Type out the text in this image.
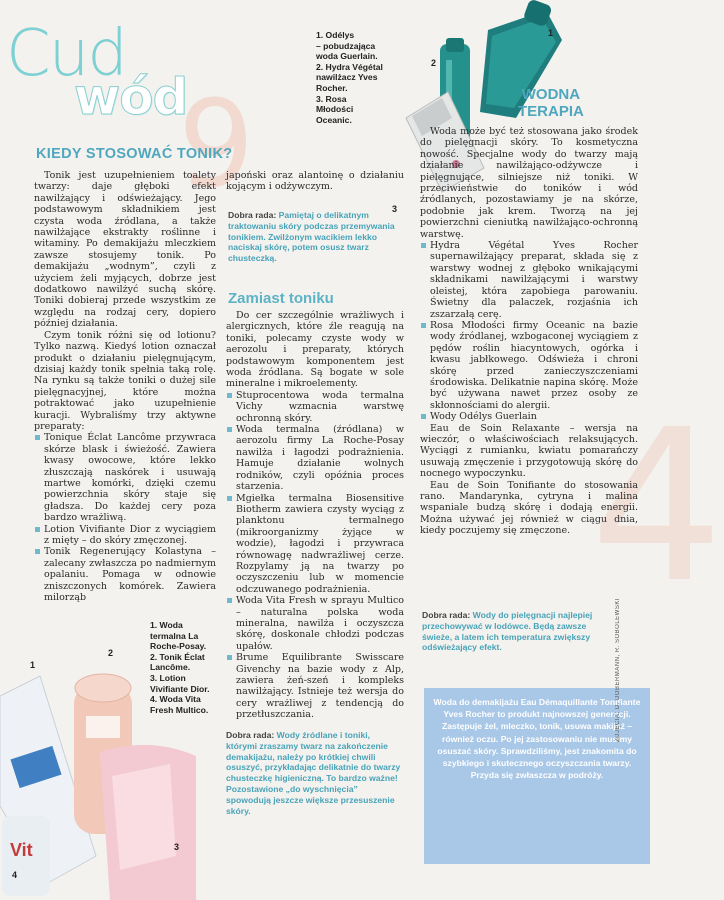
9
4
Cud
wód
1
2
3
1. Odélys
– pobudzająca
woda Guerlain.
2. Hydra Végétal
nawilżacz Yves
Rocher.
3. Rosa
Młodości
Oceanic.
KIEDY STOSOWAĆ TONIK?
WODNA
TERAPIA

Tonik jest uzupełnieniem toalety twarzy: daje głęboki efekt nawilżający i odświeżający. Jego podstawowym składnikiem jest czysta woda źródlana, a także nawilżające ekstrakty roślinne i witaminy. Po demakijażu mleczkiem zawsze stosujemy tonik. Po demakijażu „wodnym”, czyli z użyciem żeli myjących, dobrze jest dodatkowo nawilżyć suchą skórę. Toniki dobieraj przede wszystkim ze względu na rodzaj cery, dopiero później działania.

Czym tonik różni się od lotionu? Tylko nazwą. Kiedyś lotion oznaczał produkt o działaniu pielęgnującym, dzisiaj każdy tonik spełnia taką rolę. Na rynku są także toniki o dużej sile pielęgnacyjnej, które można potraktować jako uzupełnienie kuracji. Wybraliśmy trzy aktywne preparaty:

Tonique Éclat Lancôme przywraca skórze blask i świeżość. Zawiera kwasy owocowe, które lekko złuszczają naskórek i usuwają martwe komórki, dzięki czemu powierzchnia skóry staje się gładsza. Do każdej cery poza bardzo wrażliwą.

Lotion Vivifiante Dior z wyciągiem z mięty – do skóry zmęczonej.

Tonik Regenerujący Kolastyna – zalecany zwłaszcza po nadmiernym opalaniu. Pomaga w odnowie zniszczonych komórek. Zawiera milorząb

japoński oraz alantoinę o działaniu kojącym i odżywczym.

Dobra rada: Pamiętaj o delikatnym traktowaniu skóry podczas przemywania tonikiem. Zwilżonym wacikiem lekko naciskaj skórę, potem osusz twarz chusteczką.
Zamiast toniku

Do cer szczególnie wrażliwych i alergicznych, które źle reagują na toniki, polecamy czyste wody w aerozolu i preparaty, których podstawowym komponentem jest woda źródlana. Są bogate w sole mineralne i mikroelementy.

Stuprocentowa woda termalna Vichy wzmacnia warstwę ochronną skóry.

Woda termalna (źródlana) w aerozolu firmy La Roche-Posay nawilża i łagodzi podrażnienia. Hamuje działanie wolnych rodników, czyli opóźnia proces starzenia.

Mgiełka termalna Biosensitive Biotherm zawiera czysty wyciąg z planktonu termalnego (mikroorganizmy żyjące w wodzie), łagodzi i przywraca równowagę nadwrażliwej cerze. Rozpylamy ją na twarzy po oczyszczeniu lub w momencie odczuwanego podrażnienia.

Woda Vita Fresh w sprayu Multico – naturalna polska woda mineralna, nawilża i oczyszcza skórę, doskonale chłodzi podczas upałów.

Brume Equilibrante Swisscare Givenchy na bazie wody z Alp, zawiera żeń-szeń i kompleks nawilżający. Istnieje też wersja do cery wrażliwej z tendencją do przetłuszczania.

Dobra rada: Wody źródlane i toniki, którymi zraszamy twarz na zakończenie demakijażu, należy po krótkiej chwili osuszyć, przykładając delikatnie do twarzy chusteczkę higieniczną. To bardzo ważne! Pozostawione „do wyschnięcia” spowodują jeszcze większe przesuszenie skóry.

Woda może być też stosowana jako środek do pielęgnacji skóry. To kosmetyczna nowość. Specjalne wody do twarzy mają działanie nawilżająco-odżywcze i pielęgnujące, silniejsze niż toniki. W przeciwieństwie do toników i wód źródlanych, pozostawiamy je na skórze, podobnie jak krem. Tworzą na jej powierzchni cieniutką nawilżająco-ochronną warstwę.

Hydra Végétal Yves Rocher supernawilżający preparat, składa się z warstwy wodnej z głęboko wnikającymi składnikami nawilżającymi i warstwy oleistej, która zapobiega parowaniu. Świetny dla palaczek, rozjaśnia ich zszarzałą cerę.

Rosa Młodości firmy Oceanic na bazie wody źródlanej, wzbogaconej wyciągiem z pędów roślin hiacyntowych, ogórka i kwasu jabłkowego. Odświeża i chroni skórę przed zanieczyszczeniami środowiska. Delikatnie napina skórę. Może być używana nawet przez osoby ze skłonnościami do alergii.

Wody Odélys Guerlain

Eau de Soin Relaxante – wersja na wieczór, o właściwościach relaksujących. Wyciągi z rumianku, kwiatu pomarańczy usuwają zmęczenie i przygotowują skórę do nocnego wypoczynku.

Eau de Soin Tonifiante do stosowania rano. Mandarynka, cytryna i malina wspaniale budzą skórę i dodają energii. Można używać jej również w ciągu dnia, kiedy poczujemy się zmęczone.

Dobra rada: Wody do pielęgnacji najlepiej przechowywać w lodówce. Będą zawsze świeże, a latem ich temperatura zwiększy odświeżający efekt.
Woda do demakijażu Eau Démaquillante Tonifiante Yves Rocher to produkt najnowszej generacji. Zastępuje żel, mleczko, tonik, usuwa makijaż – również oczu. Po jej zastosowaniu nie musimy osuszać skóry. Sprawdziliśmy, jest znakomita do szybkiego i skutecznego oczyszczania twarzy. Przyda się zwłaszcza w podróży.
ZDJĘCIA: D. DOBERMANN, R. SOBOLEWSKI
Vit
1
2
3
4
1. Woda
termalna La
Roche-Posay.
2. Tonik Éclat
Lancôme.
3. Lotion
Vivifiante Dior.
4. Woda Vita
Fresh Multico.
